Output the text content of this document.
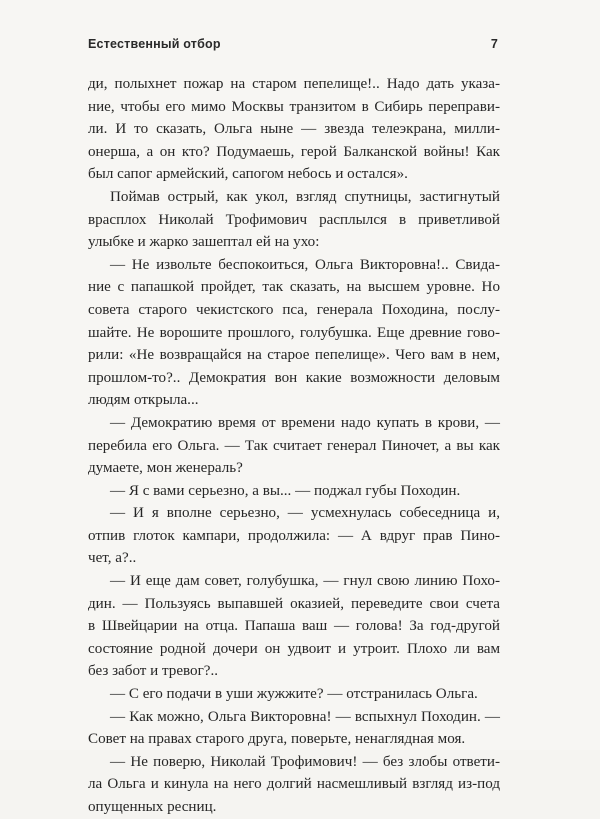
Естественный отбор	7
ди, полыхнет пожар на старом пепелище!.. Надо дать указа-
ние, чтобы его мимо Москвы транзитом в Сибирь переправи-
ли. И то сказать, Ольга ныне — звезда телеэкрана, милли-
онерша, а он кто? Подумаешь, герой Балканской войны! Как
был сапог армейский, сапогом небось и остался».
Поймав острый, как укол, взгляд спутницы, застигнутый
врасплох Николай Трофимович расплылся в приветливой
улыбке и жарко зашептал ей на ухо:
— Не извольте беспокоиться, Ольга Викторовна!.. Свида-
ние с папашкой пройдет, так сказать, на высшем уровне. Но
совета старого чекистского пса, генерала Походина, послу-
шайте. Не ворошите прошлого, голубушка. Еще древние гово-
рили: «Не возвращайся на старое пепелище». Чего вам в нем,
прошлом-то?.. Демократия вон какие возможности деловым
людям открыла...
— Демократию время от времени надо купать в крови, —
перебила его Ольга. — Так считает генерал Пиночет, а вы как
думаете, мон женераль?
— Я с вами серьезно, а вы... — поджал губы Походин.
— И я вполне серьезно, — усмехнулась собеседница и,
отпив глоток кампари, продолжила: — А вдруг прав Пино-
чет, а?..
— И еще дам совет, голубушка, — гнул свою линию Похо-
дин. — Пользуясь выпавшей оказией, переведите свои счета
в Швейцарии на отца. Папаша ваш — голова! За год-другой
состояние родной дочери он удвоит и утроит. Плохо ли вам
без забот и тревог?..
— С его подачи в уши жужжите? — отстранилась Ольга.
— Как можно, Ольга Викторовна! — вспыхнул Походин. —
Совет на правах старого друга, поверьте, ненаглядная моя.
— Не поверю, Николай Трофимович! — без злобы ответи-
ла Ольга и кинула на него долгий насмешливый взгляд из-под
опущенных ресниц.
